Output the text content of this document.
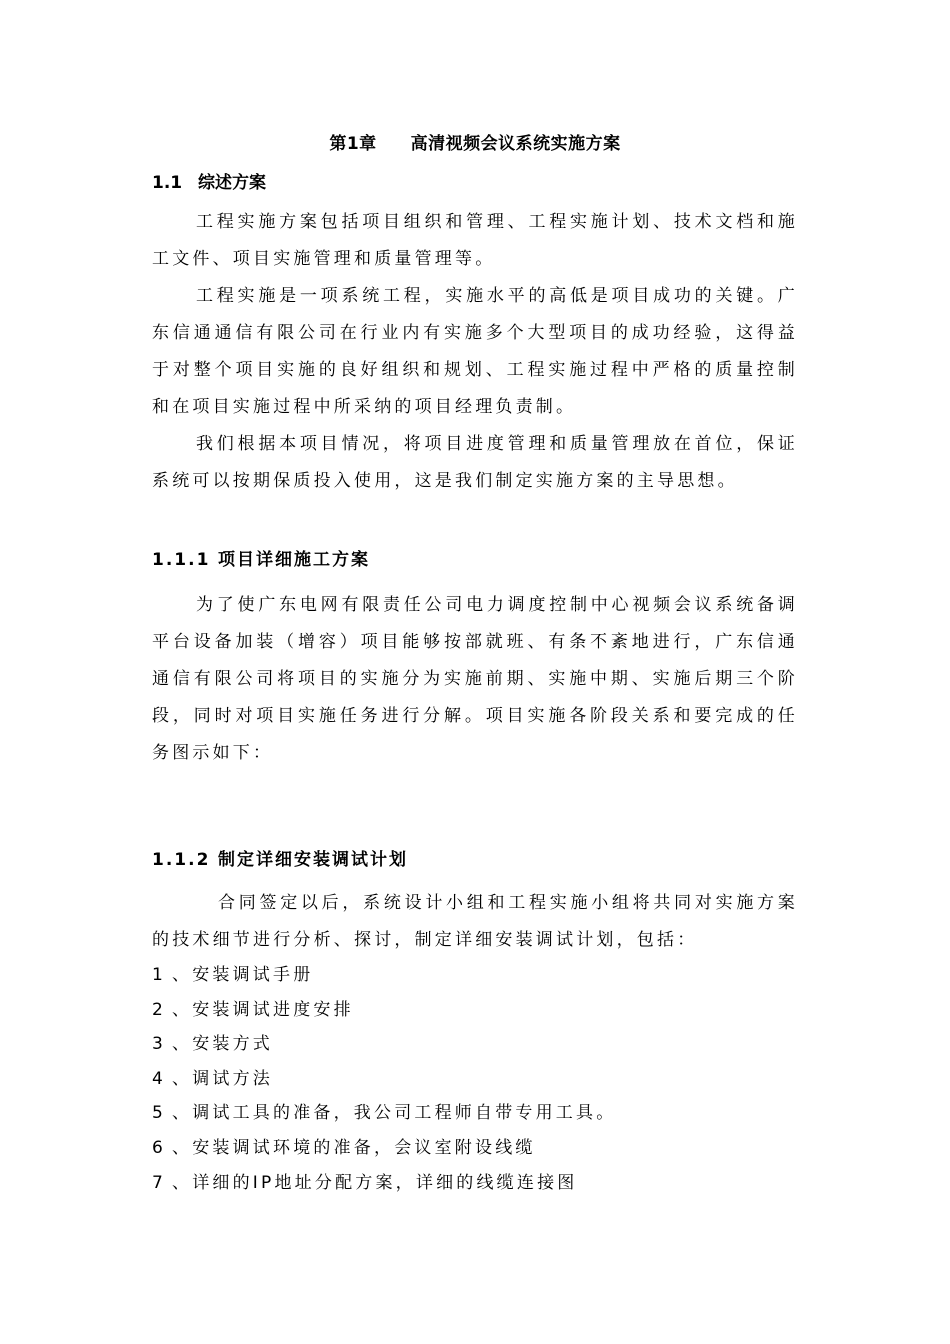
第1章 高清视频会议系统实施方案
1.1 综述方案

工程实施方案包括项目组织和管理、工程实施计划、技术文档和施工文件、项目实施管理和质量管理等。

工程实施是一项系统工程，实施水平的高低是项目成功的关键。广东信通通信有限公司在行业内有实施多个大型项目的成功经验，这得益于对整个项目实施的良好组织和规划、工程实施过程中严格的质量控制和在项目实施过程中所采纳的项目经理负责制。

我们根据本项目情况，将项目进度管理和质量管理放在首位，保证系统可以按期保质投入使用，这是我们制定实施方案的主导思想。

1.1.1 项目详细施工方案

为了使广东电网有限责任公司电力调度控制中心视频会议系统备调平台设备加装（增容）项目能够按部就班、有条不紊地进行，广东信通通信有限公司将项目的实施分为实施前期、实施中期、实施后期三个阶段，同时对项目实施任务进行分解。项目实施各阶段关系和要完成的任务图示如下：

1.1.2 制定详细安装调试计划

合同签定以后，系统设计小组和工程实施小组将共同对实施方案的技术细节进行分析、探讨，制定详细安装调试计划，包括：

1 、安装调试手册
2 、安装调试进度安排
3 、安装方式
4 、调试方法
5 、调试工具的准备，我公司工程师自带专用工具。
6 、安装调试环境的准备，会议室附设线缆
7 、详细的IP地址分配方案，详细的线缆连接图
